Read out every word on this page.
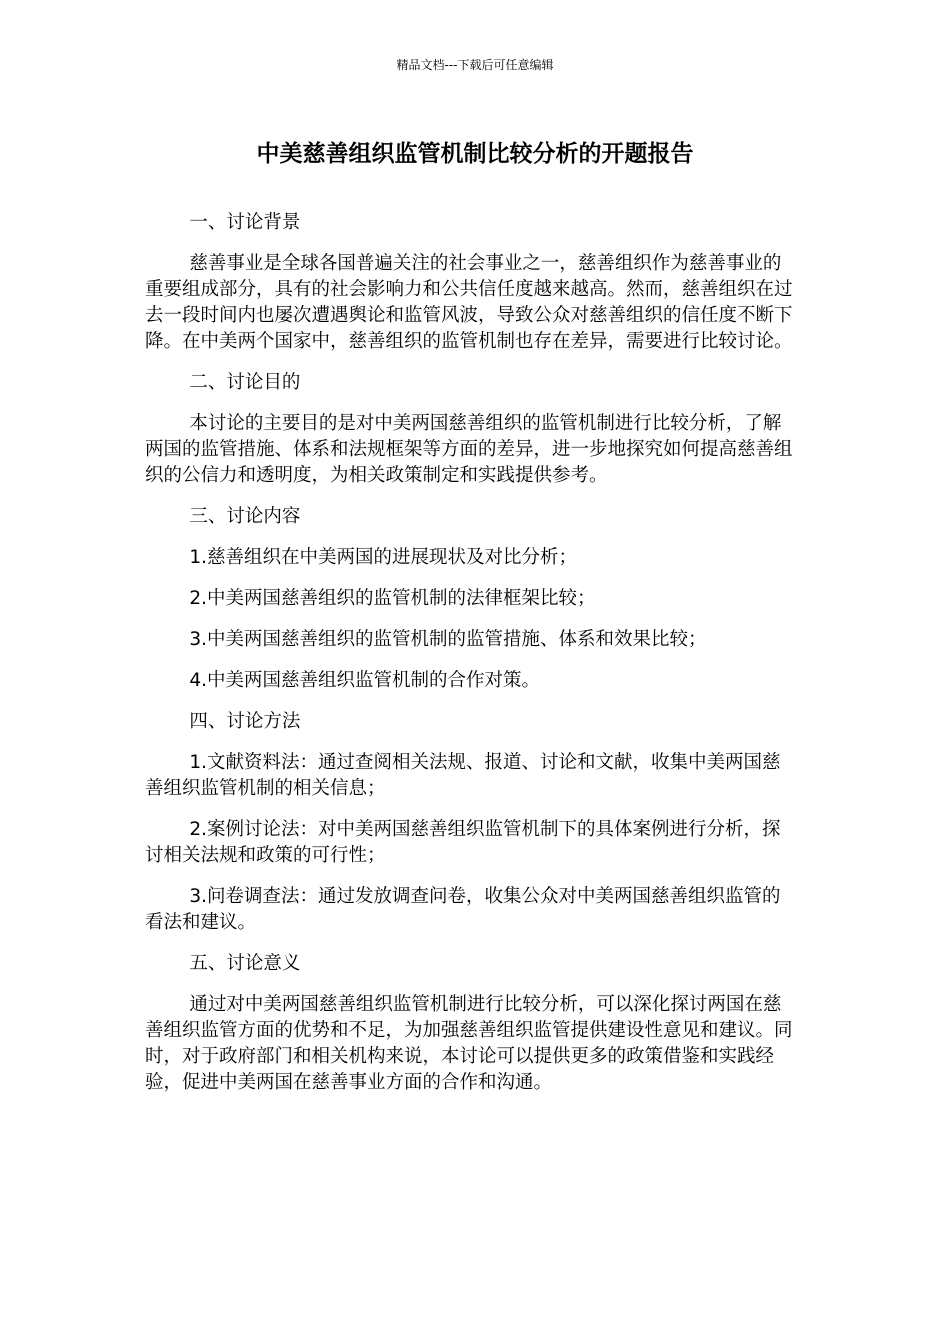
精品文档---下载后可任意编辑
中美慈善组织监管机制比较分析的开题报告

一、讨论背景

慈善事业是全球各国普遍关注的社会事业之一，慈善组织作为慈善事业的重要组成部分，具有的社会影响力和公共信任度越来越高。然而，慈善组织在过去一段时间内也屡次遭遇舆论和监管风波，导致公众对慈善组织的信任度不断下降。在中美两个国家中，慈善组织的监管机制也存在差异，需要进行比较讨论。

二、讨论目的

本讨论的主要目的是对中美两国慈善组织的监管机制进行比较分析，了解两国的监管措施、体系和法规框架等方面的差异，进一步地探究如何提高慈善组织的公信力和透明度，为相关政策制定和实践提供参考。

三、讨论内容

1.慈善组织在中美两国的进展现状及对比分析；

2.中美两国慈善组织的监管机制的法律框架比较；

3.中美两国慈善组织的监管机制的监管措施、体系和效果比较；

4.中美两国慈善组织监管机制的合作对策。

四、讨论方法

1.文献资料法：通过查阅相关法规、报道、讨论和文献，收集中美两国慈善组织监管机制的相关信息；

2.案例讨论法：对中美两国慈善组织监管机制下的具体案例进行分析，探讨相关法规和政策的可行性；

3.问卷调查法：通过发放调查问卷，收集公众对中美两国慈善组织监管的看法和建议。

五、讨论意义

通过对中美两国慈善组织监管机制进行比较分析，可以深化探讨两国在慈善组织监管方面的优势和不足，为加强慈善组织监管提供建设性意见和建议。同时，对于政府部门和相关机构来说，本讨论可以提供更多的政策借鉴和实践经验，促进中美两国在慈善事业方面的合作和沟通。
